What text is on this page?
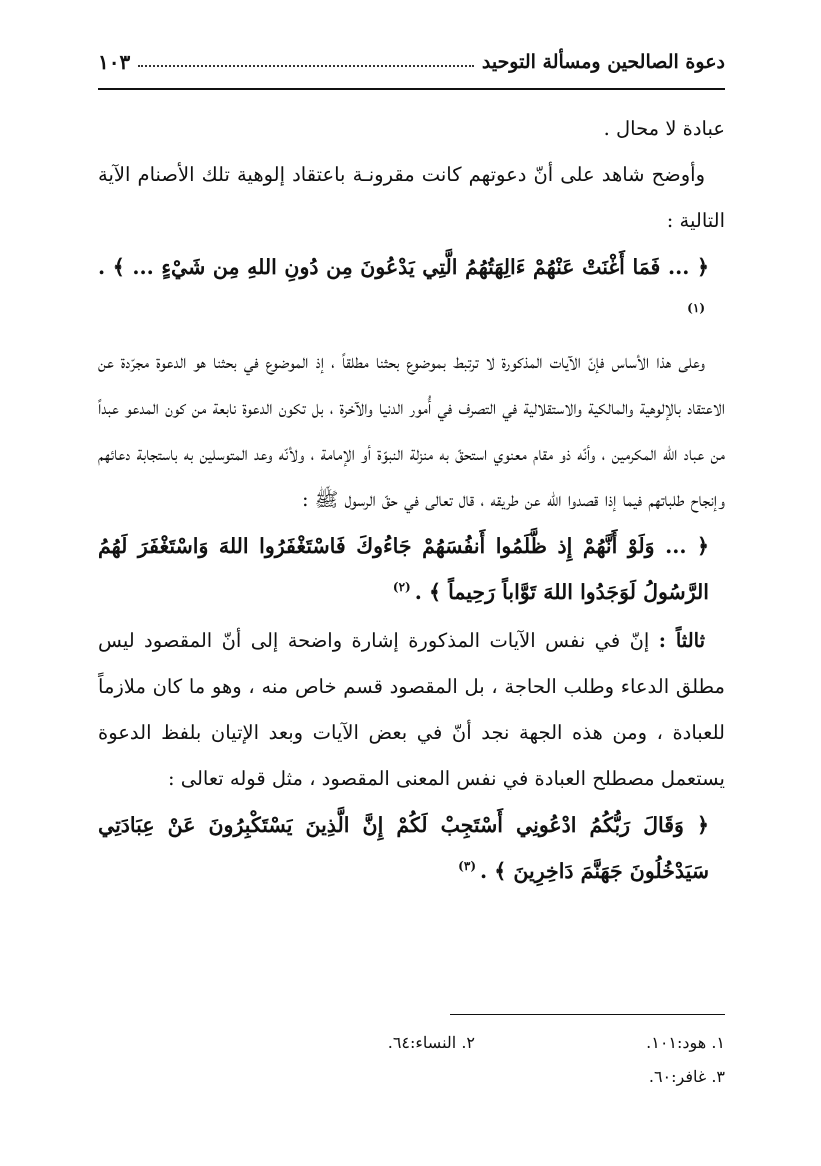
دعوة الصالحين ومسألة التوحيد
١٠٣

عبادة لا محال .

وأوضح شاهد على أنّ دعوتهم كانت مقرونـة باعتقاد إلوهية تلك الأصنام الآية التالية :

﴿ ... فَمَا أَغْنَتْ عَنْهُمْ ءَالِهَتُهُمُ الَّتِي يَدْعُونَ مِن دُونِ اللهِ مِن شَيْءٍ ... ﴾ .$^{(١)}$

وعلى هذا الأساس فإنّ الآيات المذكورة لا ترتبط بموضوع بحثنا مطلقاً ، إذ الموضوع في بحثنا هو الدعوة مجرّدة عن الاعتقاد بالإلوهية والمالكية والاستقلالية في التصرف في أُمور الدنيا والآخرة ، بل تكون الدعوة نابعة من كون المدعو عبداً من عباد الله المكرمين ، وأنّه ذو مقام معنوي استحقّ به منزلة النبوّة أو الإمامة ، ولأنّه وعد المتوسلين به باستجابة دعائهم وإنجاح طلباتهم فيما إذا قصدوا الله عن طريقه ، قال تعالى في حقّ الرسول ﷺ :

﴿ ... وَلَوْ أَنَّهُمْ إِذ ظَّلَمُوا أَنفُسَهُمْ جَاءُوكَ فَاسْتَغْفَرُوا اللهَ وَاسْتَغْفَرَ لَهُمُ الرَّسُولُ لَوَجَدُوا اللهَ تَوَّاباً رَحِيماً ﴾ .$^{(٢)}$

ثالثاً : إنّ في نفس الآيات المذكورة إشارة واضحة إلى أنّ المقصود ليس مطلق الدعاء وطلب الحاجة ، بل المقصود قسم خاص منه ، وهو ما كان ملازماً للعبادة ، ومن هذه الجهة نجد أنّ في بعض الآيات وبعد الإتيان بلفظ الدعوة يستعمل مصطلح العبادة في نفس المعنى المقصود ، مثل قوله تعالى :

﴿ وَقَالَ رَبُّكُمُ ادْعُونِي أَسْتَجِبْ لَكُمْ إِنَّ الَّذِينَ يَسْتَكْبِرُونَ عَنْ عِبَادَتِي سَيَدْخُلُونَ جَهَنَّمَ دَاخِرِينَ ﴾ .$^{(٣)}$

١. هود:١٠١.
٢. النساء:٦٤.
٣. غافر:٦٠.
